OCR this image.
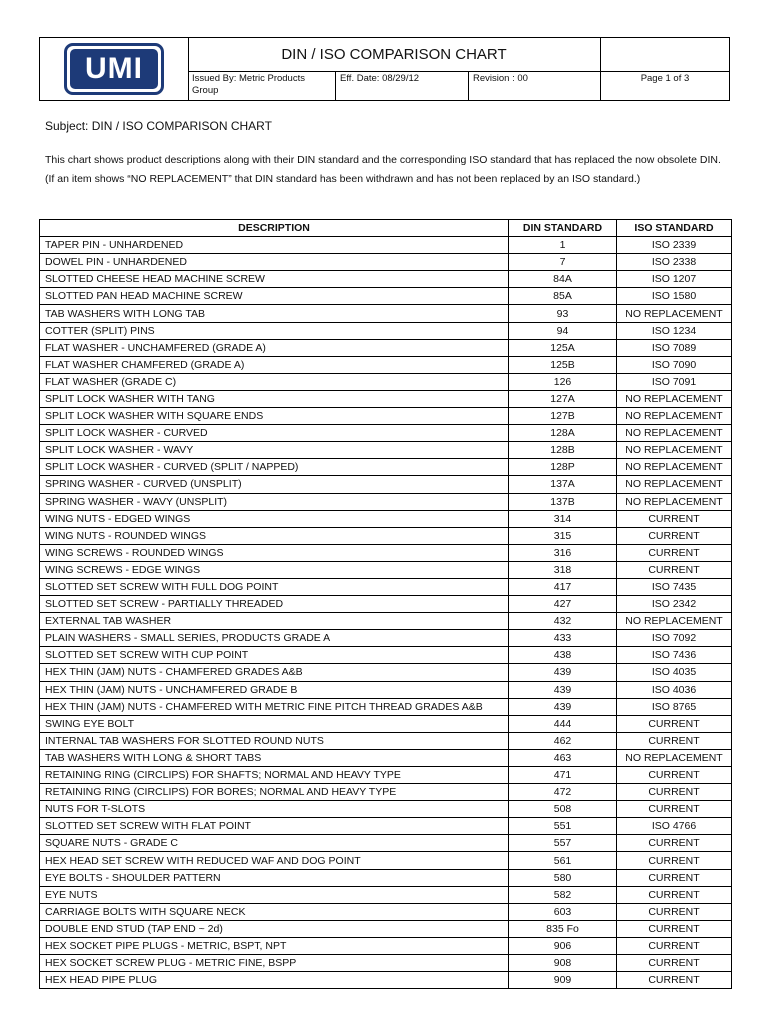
UMI	DIN / ISO COMPARISON CHART
Issued By: Metric Products Group
Eff. Date: 08/29/12	Revision : 00	Page 1 of 3
Subject: DIN / ISO COMPARISON CHART
This chart shows product descriptions along with their DIN standard and the corresponding ISO standard that has replaced the now obsolete DIN. (If an item shows “NO REPLACEMENT” that DIN standard has been withdrawn and has not been replaced by an ISO standard.)
DESCRIPTION	DIN STANDARD	ISO STANDARD
TAPER PIN - UNHARDENED	1	ISO 2339
DOWEL PIN - UNHARDENED	7	ISO 2338
SLOTTED CHEESE HEAD MACHINE SCREW	84A	ISO 1207
SLOTTED PAN HEAD MACHINE SCREW	85A	ISO 1580
TAB WASHERS WITH LONG TAB	93	NO REPLACEMENT
COTTER (SPLIT) PINS	94	ISO 1234
FLAT WASHER - UNCHAMFERED (GRADE A)	125A	ISO 7089
FLAT WASHER CHAMFERED (GRADE A)	125B	ISO 7090
FLAT WASHER (GRADE C)	126	ISO 7091
SPLIT LOCK WASHER WITH TANG	127A	NO REPLACEMENT
SPLIT LOCK WASHER WITH SQUARE ENDS	127B	NO REPLACEMENT
SPLIT LOCK WASHER - CURVED	128A	NO REPLACEMENT
SPLIT LOCK WASHER - WAVY	128B	NO REPLACEMENT
SPLIT LOCK WASHER - CURVED (SPLIT / NAPPED)	128P	NO REPLACEMENT
SPRING WASHER - CURVED (UNSPLIT)	137A	NO REPLACEMENT
SPRING WASHER - WAVY (UNSPLIT)	137B	NO REPLACEMENT
WING NUTS - EDGED WINGS	314	CURRENT
WING NUTS - ROUNDED WINGS	315	CURRENT
WING SCREWS - ROUNDED WINGS	316	CURRENT
WING SCREWS - EDGE WINGS	318	CURRENT
SLOTTED SET SCREW WITH FULL DOG POINT	417	ISO 7435
SLOTTED SET SCREW - PARTIALLY THREADED	427	ISO 2342
EXTERNAL TAB WASHER	432	NO REPLACEMENT
PLAIN WASHERS - SMALL SERIES, PRODUCTS GRADE A	433	ISO 7092
SLOTTED SET SCREW WITH CUP POINT	438	ISO 7436
HEX THIN (JAM) NUTS - CHAMFERED GRADES A&B	439	ISO 4035
HEX THIN (JAM) NUTS - UNCHAMFERED GRADE B	439	ISO 4036
HEX THIN (JAM) NUTS - CHAMFERED WITH METRIC FINE PITCH THREAD GRADES A&B	439	ISO 8765
SWING EYE BOLT	444	CURRENT
INTERNAL TAB WASHERS FOR SLOTTED ROUND NUTS	462	CURRENT
TAB WASHERS WITH LONG & SHORT TABS	463	NO REPLACEMENT
RETAINING RING (CIRCLIPS) FOR SHAFTS; NORMAL AND HEAVY TYPE	471	CURRENT
RETAINING RING (CIRCLIPS) FOR BORES; NORMAL AND HEAVY TYPE	472	CURRENT
NUTS FOR T-SLOTS	508	CURRENT
SLOTTED SET SCREW WITH FLAT POINT	551	ISO 4766
SQUARE NUTS - GRADE C	557	CURRENT
HEX HEAD SET SCREW WITH REDUCED WAF AND DOG POINT	561	CURRENT
EYE BOLTS - SHOULDER PATTERN	580	CURRENT
EYE NUTS	582	CURRENT
CARRIAGE BOLTS WITH SQUARE NECK	603	CURRENT
DOUBLE END STUD (TAP END ~ 2d)	835 Fo	CURRENT
HEX SOCKET PIPE PLUGS - METRIC, BSPT, NPT	906	CURRENT
HEX SOCKET SCREW PLUG - METRIC FINE, BSPP	908	CURRENT
HEX HEAD PIPE PLUG	909	CURRENT
